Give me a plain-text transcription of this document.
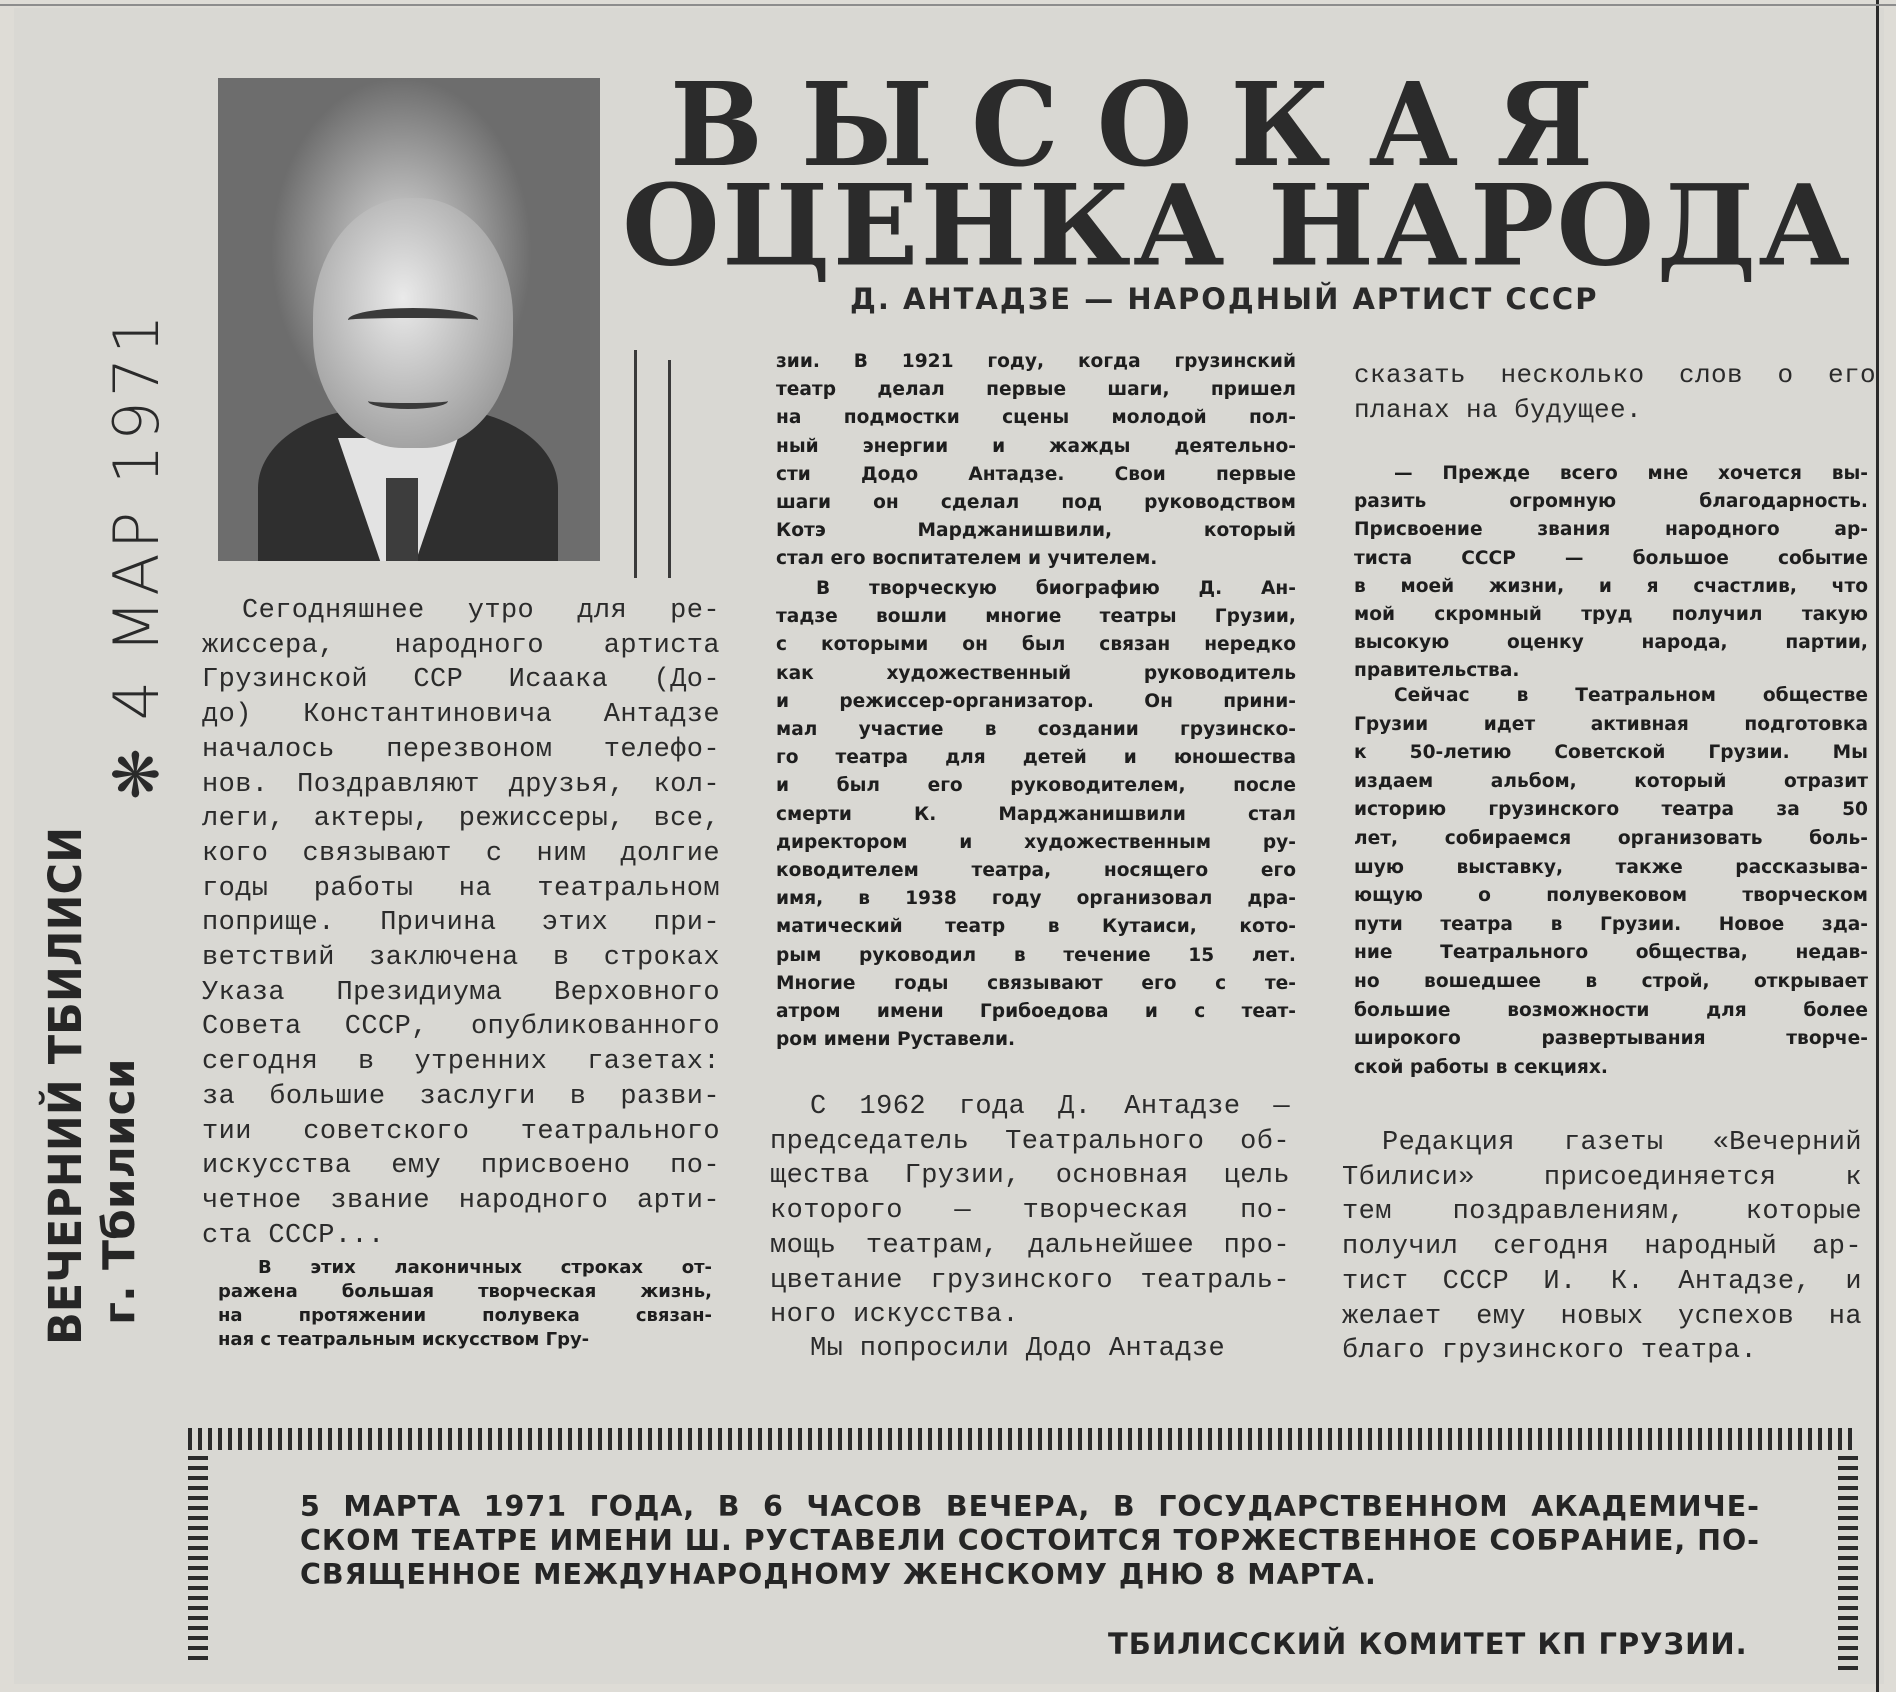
❋ 4 МАР 1971
ВЕЧЕРНИЙ ТБИЛИСИ г. Тбилиси
ВЫСОКАЯ
ОЦЕНКА НАРОДА
Д. АНТАДЗЕ — НАРОДНЫЙ АРТИСТ СССР
Сегодняшнее утро для ре-
жиссера, народного артиста
Грузинской ССР Исаака (До-
до) Константиновича Антадзе
началось перезвоном телефо-
нов. Поздравляют друзья, кол-
леги, актеры, режиссеры, все,
кого связывают с ним долгие
годы работы на театральном
поприще. Причина этих при-
ветствий заключена в строках
Указа Президиума Верховного
Совета СССР, опубликованного
сегодня в утренних газетах:
за большие заслуги в разви-
тии советского театрального
искусства ему присвоено по-
четное звание народного арти-
ста СССР...
В этих лаконичных строках от-
ражена большая творческая жизнь,
на протяжении полувека связан-
ная с театральным искусством Гру-
зии. В 1921 году, когда грузинский
театр делал первые шаги, пришел
на подмостки сцены молодой пол-
ный энергии и жажды деятельно-
сти Додо Антадзе. Свои первые
шаги он сделал под руководством
Котэ Марджанишвили, который
стал его воспитателем и учителем.
В творческую биографию Д. Ан-
тадзе вошли многие театры Грузии,
с которыми он был связан нередко
как художественный руководитель
и режиссер-организатор. Он прини-
мал участие в создании грузинско-
го театра для детей и юношества
и был его руководителем, после
смерти К. Марджанишвили стал
директором и художественным ру-
ководителем театра, носящего его
имя, в 1938 году организовал дра-
матический театр в Кутаиси, кото-
рым руководил в течение 15 лет.
Многие годы связывают его с те-
атром имени Грибоедова и с теат-
ром имени Руставели.
С 1962 года Д. Антадзе —
председатель Театрального об-
щества Грузии, основная цель
которого — творческая по-
мощь театрам, дальнейшее про-
цветание грузинского театраль-
ного искусства.
Мы попросили Додо Антадзе
сказать несколько слов о его
планах на будущее.
— Прежде всего мне хочется вы-
разить огромную благодарность.
Присвоение звания народного ар-
тиста СССР — большое событие
в моей жизни, и я счастлив, что
мой скромный труд получил такую
высокую оценку народа, партии,
правительства.
Сейчас в Театральном обществе
Грузии идет активная подготовка
к 50-летию Советской Грузии. Мы
издаем альбом, который отразит
историю грузинского театра за 50
лет, собираемся организовать боль-
шую выставку, также рассказыва-
ющую о полувековом творческом
пути театра в Грузии. Новое зда-
ние Театрального общества, недав-
но вошедшее в строй, открывает
большие возможности для более
широкого развертывания творче-
ской работы в секциях.
Редакция газеты «Вечерний
Тбилиси» присоединяется к
тем поздравлениям, которые
получил сегодня народный ар-
тист СССР И. К. Антадзе, и
желает ему новых успехов на
благо грузинского театра.
5 МАРТА 1971 ГОДА, В 6 ЧАСОВ ВЕЧЕРА, В ГОСУДАРСТВЕННОМ АКАДЕМИЧЕ-
СКОМ ТЕАТРЕ ИМЕНИ Ш. РУСТАВЕЛИ СОСТОИТСЯ ТОРЖЕСТВЕННОЕ СОБРАНИЕ, ПО-
СВЯЩЕННОЕ МЕЖДУНАРОДНОМУ ЖЕНСКОМУ ДНЮ 8 МАРТА.
ТБИЛИССКИЙ КОМИТЕТ КП ГРУЗИИ.
